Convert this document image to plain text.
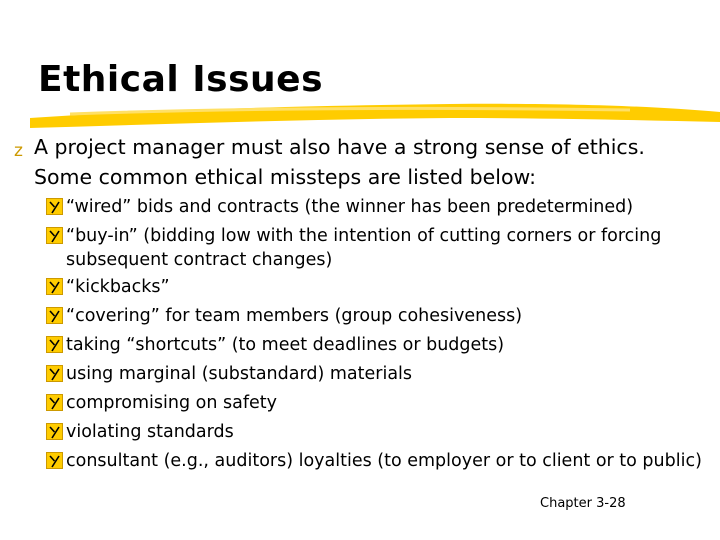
Ethical Issues
z A project manager must also have a strong sense of ethics. Some common ethical missteps are listed below:
“wired” bids and contracts (the winner has been predetermined)
“buy-in” (bidding low with the intention of cutting corners or forcing subsequent contract changes)
“kickbacks”
“covering” for team members (group cohesiveness)
taking “shortcuts” (to meet deadlines or budgets)
using marginal (substandard) materials
compromising on safety
violating standards
consultant (e.g., auditors) loyalties (to employer or to client or to public)
Chapter 3-28
